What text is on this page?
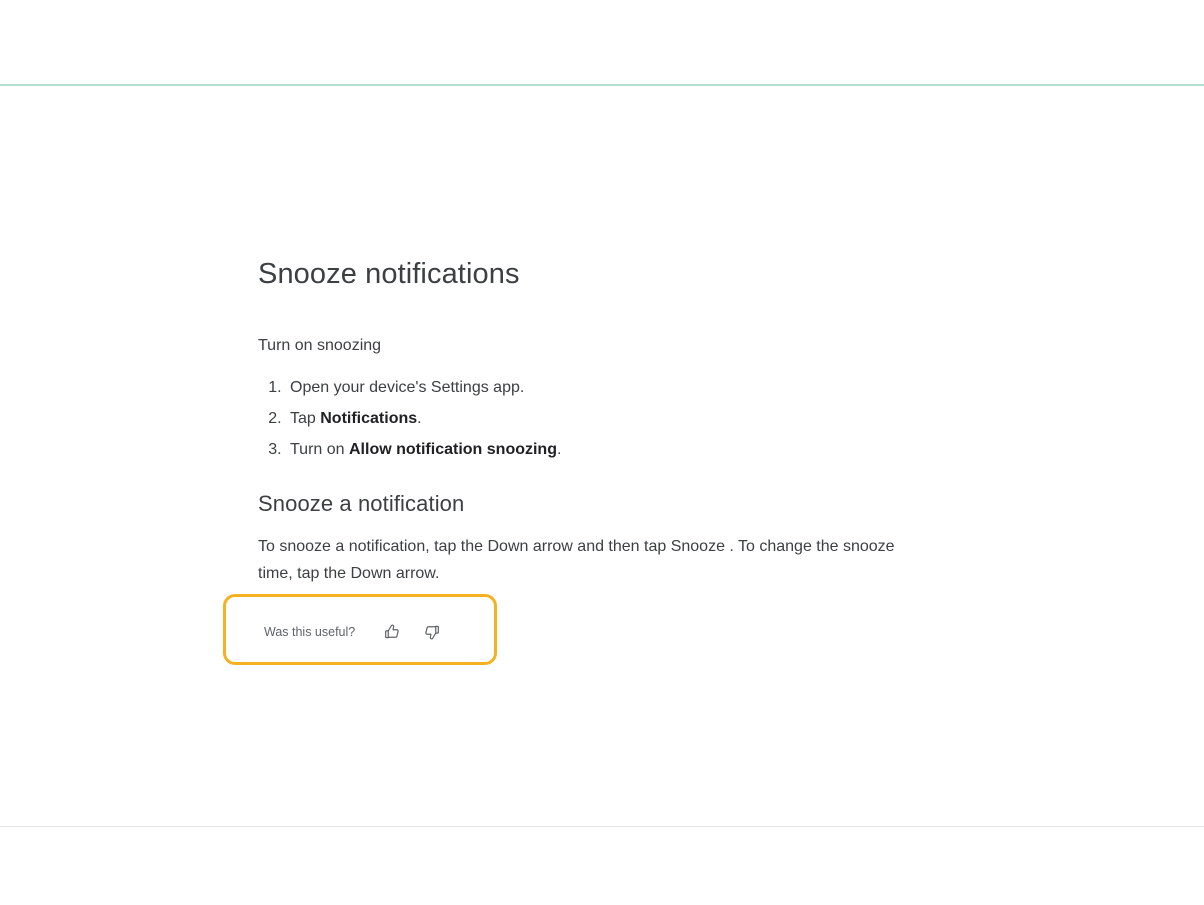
Snooze notifications
Turn on snoozing
1. Open your device's Settings app.
2. Tap Notifications.
3. Turn on Allow notification snoozing.
Snooze a notification
To snooze a notification, tap the Down arrow and then tap Snooze . To change the snooze time, tap the Down arrow.
Was this useful?
